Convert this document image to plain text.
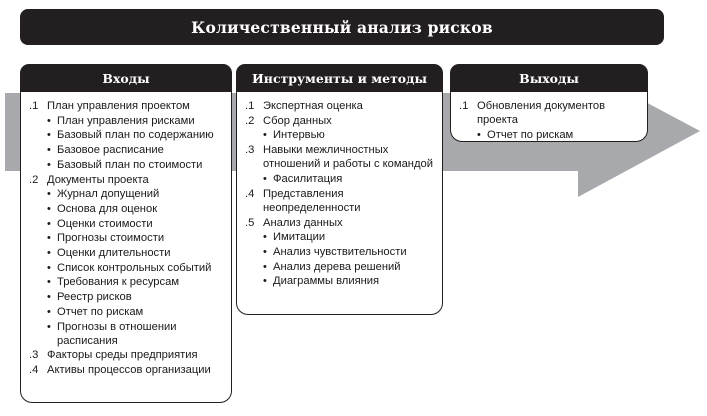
Количественный анализ рисков
Входы
.1 План управления проектом
• План управления рисками
• Базовый план по содержанию
• Базовое расписание
• Базовый план по стоимости
.2 Документы проекта
• Журнал допущений
• Основа для оценок
• Оценки стоимости
• Прогнозы стоимости
• Оценки длительности
• Список контрольных событий
• Требования к ресурсам
• Реестр рисков
• Отчет по рискам
• Прогнозы в отношении расписания
.3 Факторы среды предприятия
.4 Активы процессов организации
Инструменты и методы
.1 Экспертная оценка
.2 Сбор данных
• Интервью
.3 Навыки межличностных отношений и работы с командой
• Фасилитация
.4 Представления неопределенности
.5 Анализ данных
• Имитации
• Анализ чувствительности
• Анализ дерева решений
• Диаграммы влияния
Выходы
.1 Обновления документов проекта
• Отчет по рискам
